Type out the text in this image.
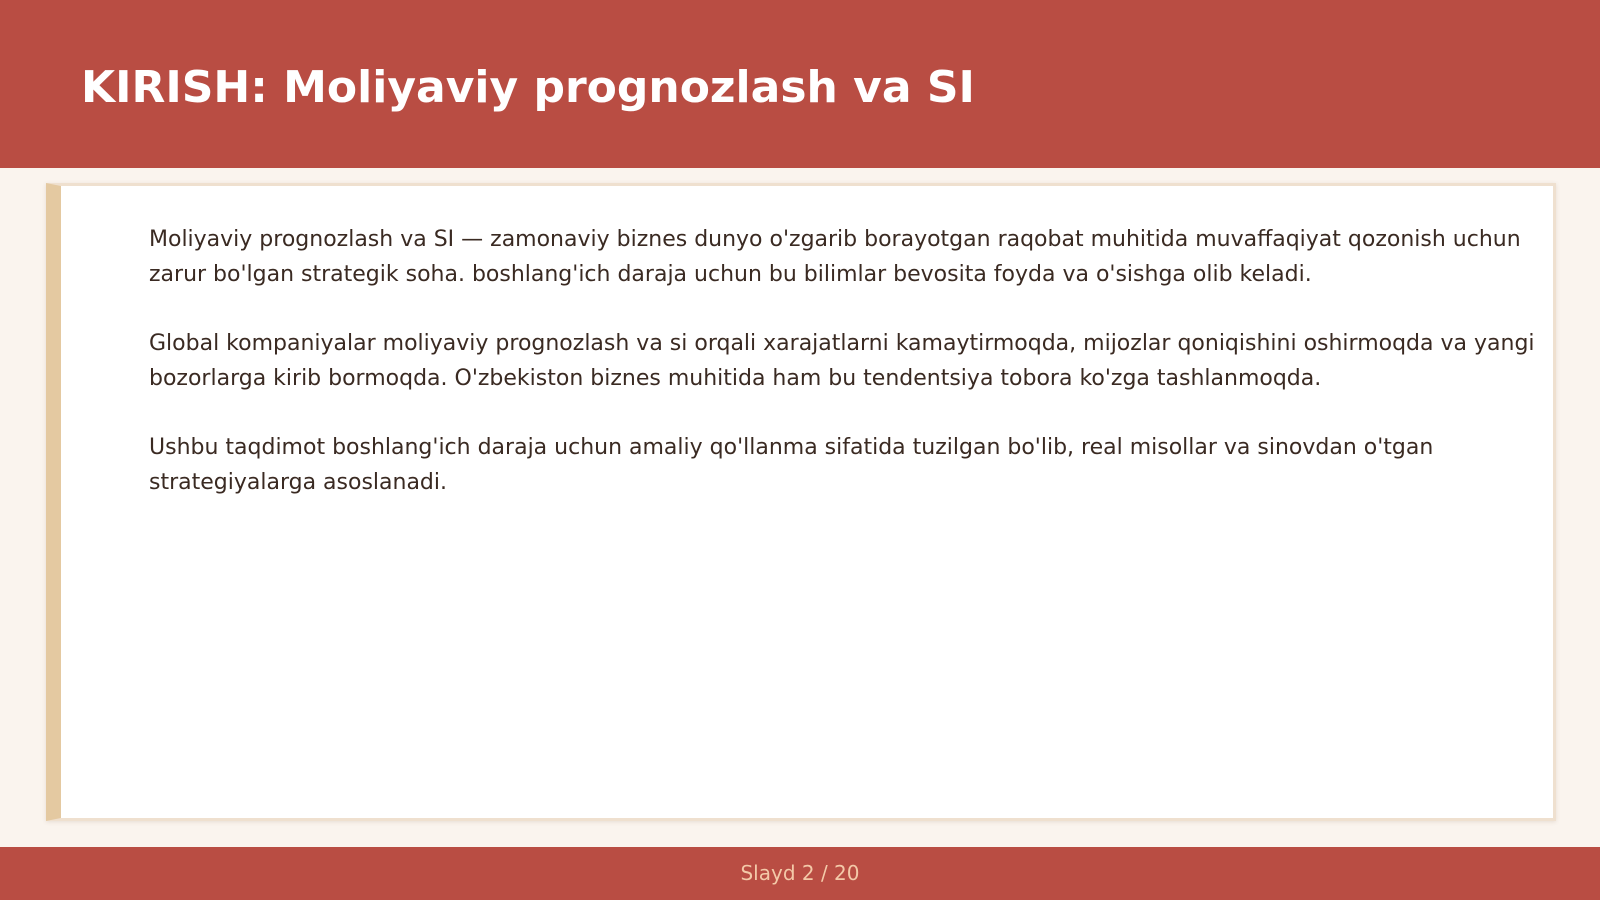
KIRISH: Moliyaviy prognozlash va SI

Moliyaviy prognozlash va SI — zamonaviy biznes dunyo o'zgarib borayotgan raqobat muhitida muvaffaqiyat qozonish uchun zarur bo'lgan strategik soha. boshlang'ich daraja uchun bu bilimlar bevosita foyda va o'sishga olib keladi.

Global kompaniyalar moliyaviy prognozlash va si orqali xarajatlarni kamaytirmoqda, mijozlar qoniqishini oshirmoqda va yangi bozorlarga kirib bormoqda. O'zbekiston biznes muhitida ham bu tendentsiya tobora ko'zga tashlanmoqda.

Ushbu taqdimot boshlang'ich daraja uchun amaliy qo'llanma sifatida tuzilgan bo'lib, real misollar va sinovdan o'tgan strategiyalarga asoslanadi.

Slayd 2 / 20
